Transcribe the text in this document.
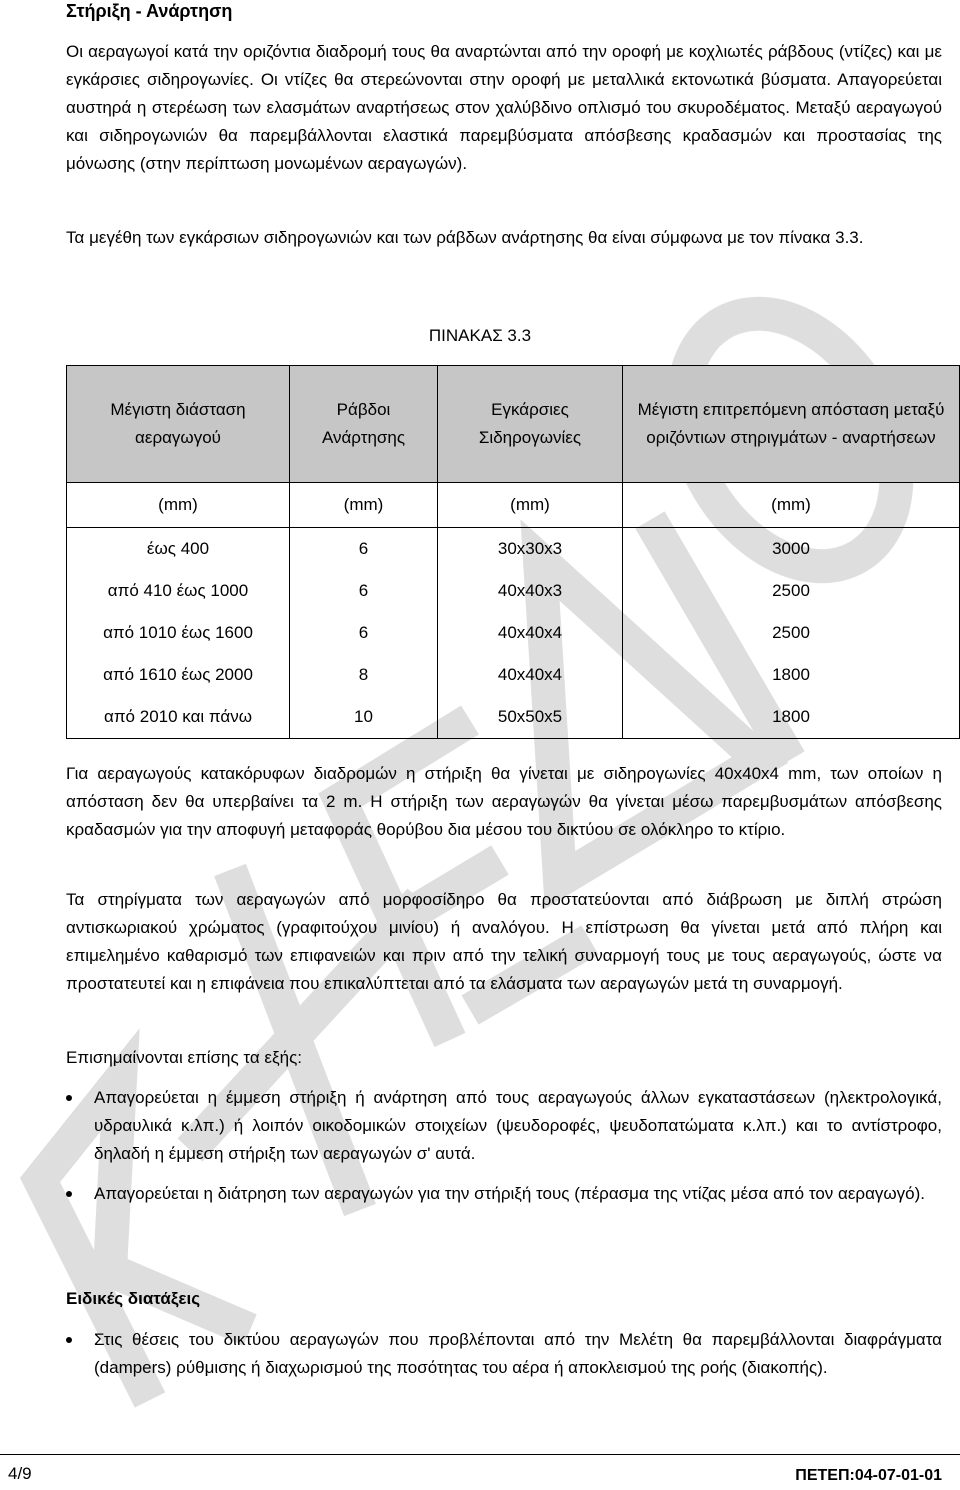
Στήριξη - Ανάρτηση
Οι αεραγωγοί κατά την οριζόντια διαδρομή τους θα αναρτώνται από την οροφή με κοχλιωτές ράβδους (ντίζες) και με εγκάρσιες σιδηρογωνίες. Οι ντίζες θα στερεώνονται στην οροφή με μεταλλικά εκτονωτικά βύσματα. Απαγορεύεται αυστηρά η στερέωση των ελασμάτων αναρτήσεως στον χαλύβδινο οπλισμό του σκυροδέματος. Μεταξύ αεραγωγού και σιδηρογωνιών θα παρεμβάλλονται ελαστικά παρεμβύσματα απόσβεσης κραδασμών και προστασίας της μόνωσης (στην περίπτωση μονωμένων αεραγωγών).
Τα μεγέθη των εγκάρσιων σιδηρογωνιών και των ράβδων ανάρτησης θα είναι σύμφωνα με τον πίνακα 3.3.
ΠΙΝΑΚΑΣ 3.3
Μέγιστη διάσταση αεραγωγού	Ράβδοι Ανάρτησης	Εγκάρσιες Σιδηρογωνίες	Μέγιστη επιτρεπόμενη απόσταση μεταξύ οριζόντιων στηριγμάτων - αναρτήσεων
(mm)	(mm)	(mm)	(mm)
έως 400	6	30x30x3	3000
από 410 έως 1000	6	40x40x3	2500
από 1010 έως 1600	6	40x40x4	2500
από 1610 έως 2000	8	40x40x4	1800
από 2010 και πάνω	10	50x50x5	1800
Για αεραγωγούς κατακόρυφων διαδρομών η στήριξη θα γίνεται με σιδηρογωνίες 40x40x4 mm, των οποίων η απόσταση δεν θα υπερβαίνει τα 2 m. Η στήριξη των αεραγωγών θα γίνεται μέσω παρεμβυσμάτων απόσβεσης κραδασμών για την αποφυγή μεταφοράς θορύβου δια μέσου του δικτύου σε ολόκληρο το κτίριο.
Τα στηρίγματα των αεραγωγών από μορφοσίδηρο θα προστατεύονται από διάβρωση με διπλή στρώση αντισκωριακού χρώματος (γραφιτούχου μινίου) ή αναλόγου. Η επίστρωση θα γίνεται μετά από πλήρη και επιμελημένο καθαρισμό των επιφανειών και πριν από την τελική συναρμογή τους με τους αεραγωγούς, ώστε να προστατευτεί και η επιφάνεια που επικαλύπτεται από τα ελάσματα των αεραγωγών μετά τη συναρμογή.
Επισημαίνονται επίσης τα εξής:
Απαγορεύεται η έμμεση στήριξη ή ανάρτηση από τους αεραγωγούς άλλων εγκαταστάσεων (ηλεκτρολογικά, υδραυλικά κ.λπ.) ή λοιπόν οικοδομικών στοιχείων (ψευδοροφές, ψευδοπατώματα κ.λπ.) και το αντίστροφο, δηλαδή η έμμεση στήριξη των αεραγωγών σ' αυτά.
Απαγορεύεται η διάτρηση των αεραγωγών για την στήριξή τους (πέρασμα της ντίζας μέσα από τον αεραγωγό).
Ειδικές διατάξεις
Στις θέσεις του δικτύου αεραγωγών που προβλέπονται από την Μελέτη θα παρεμβάλλονται διαφράγματα (dampers) ρύθμισης ή διαχωρισμού της ποσότητας του αέρα ή αποκλεισμού της ροής (διακοπής).
4/9	ΠΕΤΕΠ:04-07-01-01
